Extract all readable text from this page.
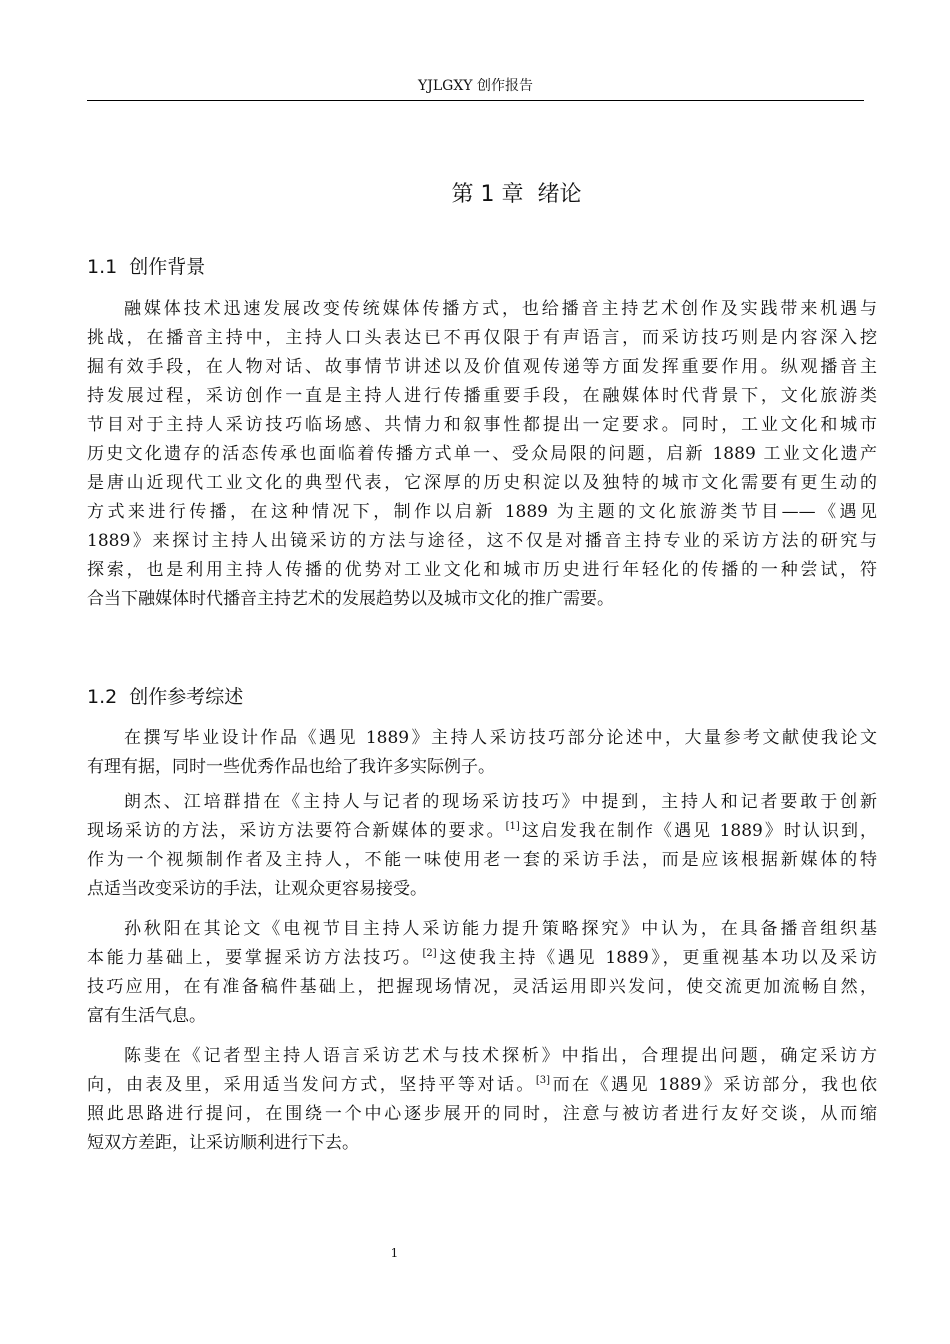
YJLGXY 创作报告
第 1 章  绪论
1.1  创作背景
融媒体技术迅速发展改变传统媒体传播方式，也给播音主持艺术创作及实践带来机遇与
挑战，在播音主持中，主持人口头表达已不再仅限于有声语言，而采访技巧则是内容深入挖
掘有效手段，在人物对话、故事情节讲述以及价值观传递等方面发挥重要作用。纵观播音主
持发展过程，采访创作一直是主持人进行传播重要手段，在融媒体时代背景下，文化旅游类
节目对于主持人采访技巧临场感、共情力和叙事性都提出一定要求。同时，工业文化和城市
历史文化遗存的活态传承也面临着传播方式单一、受众局限的问题，启新 1889 工业文化遗产
是唐山近现代工业文化的典型代表，它深厚的历史积淀以及独特的城市文化需要有更生动的
方式来进行传播，在这种情况下，制作以启新 1889 为主题的文化旅游类节目——《遇见
1889》来探讨主持人出镜采访的方法与途径，这不仅是对播音主持专业的采访方法的研究与
探索，也是利用主持人传播的优势对工业文化和城市历史进行年轻化的传播的一种尝试，符
合当下融媒体时代播音主持艺术的发展趋势以及城市文化的推广需要。
1.2  创作参考综述
在撰写毕业设计作品《遇见 1889》主持人采访技巧部分论述中，大量参考文献使我论文
有理有据，同时一些优秀作品也给了我许多实际例子。
朗杰、江培群措在《主持人与记者的现场采访技巧》中提到，主持人和记者要敢于创新
现场采访的方法，采访方法要符合新媒体的要求。[1]这启发我在制作《遇见 1889》时认识到，
作为一个视频制作者及主持人，不能一味使用老一套的采访手法，而是应该根据新媒体的特
点适当改变采访的手法，让观众更容易接受。
孙秋阳在其论文《电视节目主持人采访能力提升策略探究》中认为，在具备播音组织基
本能力基础上，要掌握采访方法技巧。[2]这使我主持《遇见 1889》，更重视基本功以及采访
技巧应用，在有准备稿件基础上，把握现场情况，灵活运用即兴发问，使交流更加流畅自然，
富有生活气息。
陈斐在《记者型主持人语言采访艺术与技术探析》中指出，合理提出问题，确定采访方
向，由表及里，采用适当发问方式，坚持平等对话。[3]而在《遇见 1889》采访部分，我也依
照此思路进行提问，在围绕一个中心逐步展开的同时，注意与被访者进行友好交谈，从而缩
短双方差距，让采访顺利进行下去。
1
